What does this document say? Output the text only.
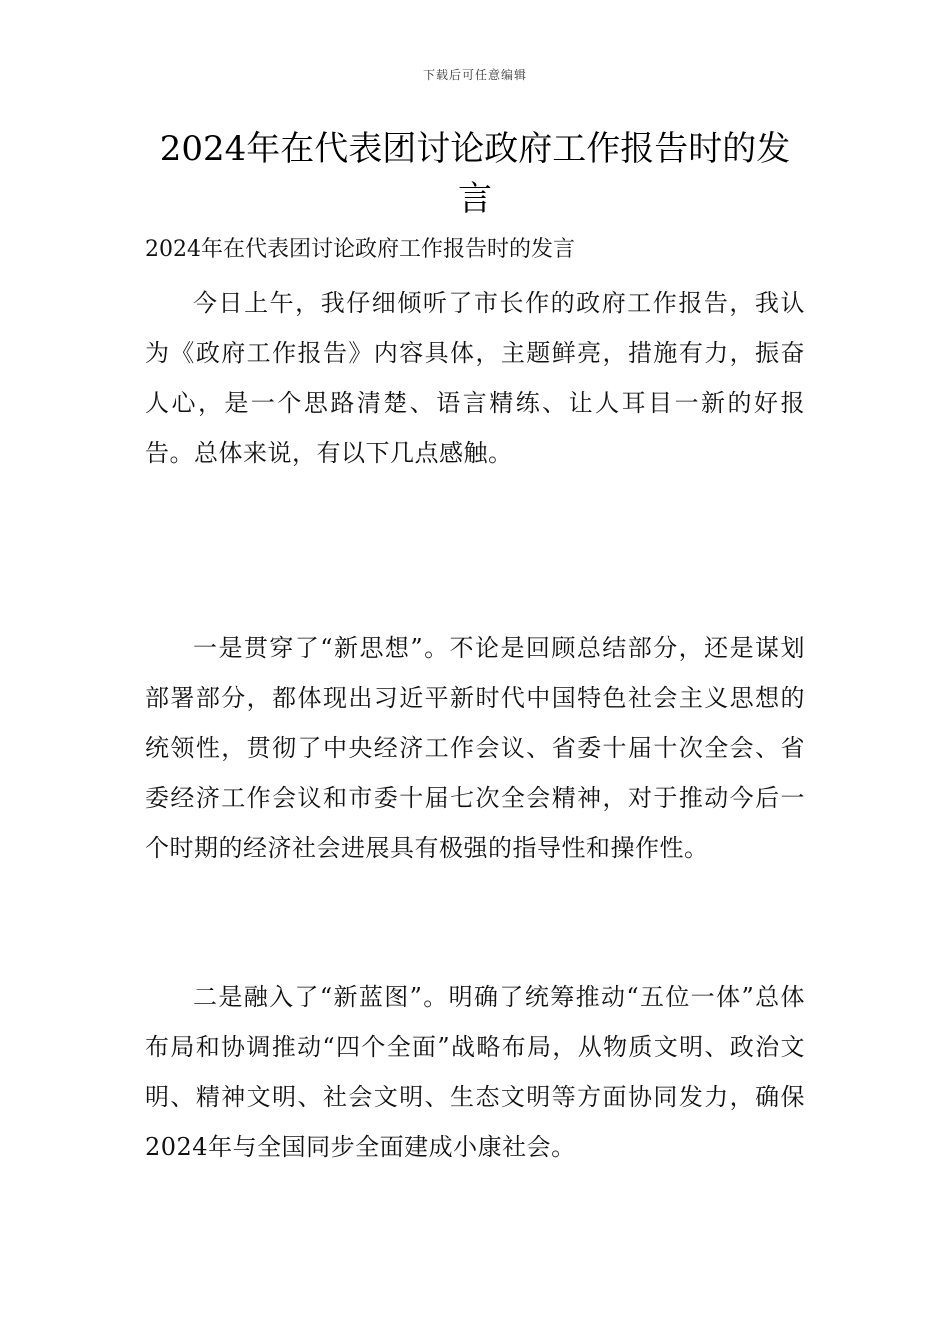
下载后可任意编辑
2024年在代表团讨论政府工作报告时的发言

2024年在代表团讨论政府工作报告时的发言

今日上午，我仔细倾听了市长作的政府工作报告，我认为《政府工作报告》内容具体，主题鲜亮，措施有力，振奋人心，是一个思路清楚、语言精练、让人耳目一新的好报告。总体来说，有以下几点感触。

一是贯穿了“新思想”。不论是回顾总结部分，还是谋划部署部分，都体现出习近平新时代中国特色社会主义思想的统领性，贯彻了中央经济工作会议、省委十届十次全会、省委经济工作会议和市委十届七次全会精神，对于推动今后一个时期的经济社会进展具有极强的指导性和操作性。

二是融入了“新蓝图”。明确了统筹推动“五位一体”总体布局和协调推动“四个全面”战略布局，从物质文明、政治文明、精神文明、社会文明、生态文明等方面协同发力，确保2024年与全国同步全面建成小康社会。
